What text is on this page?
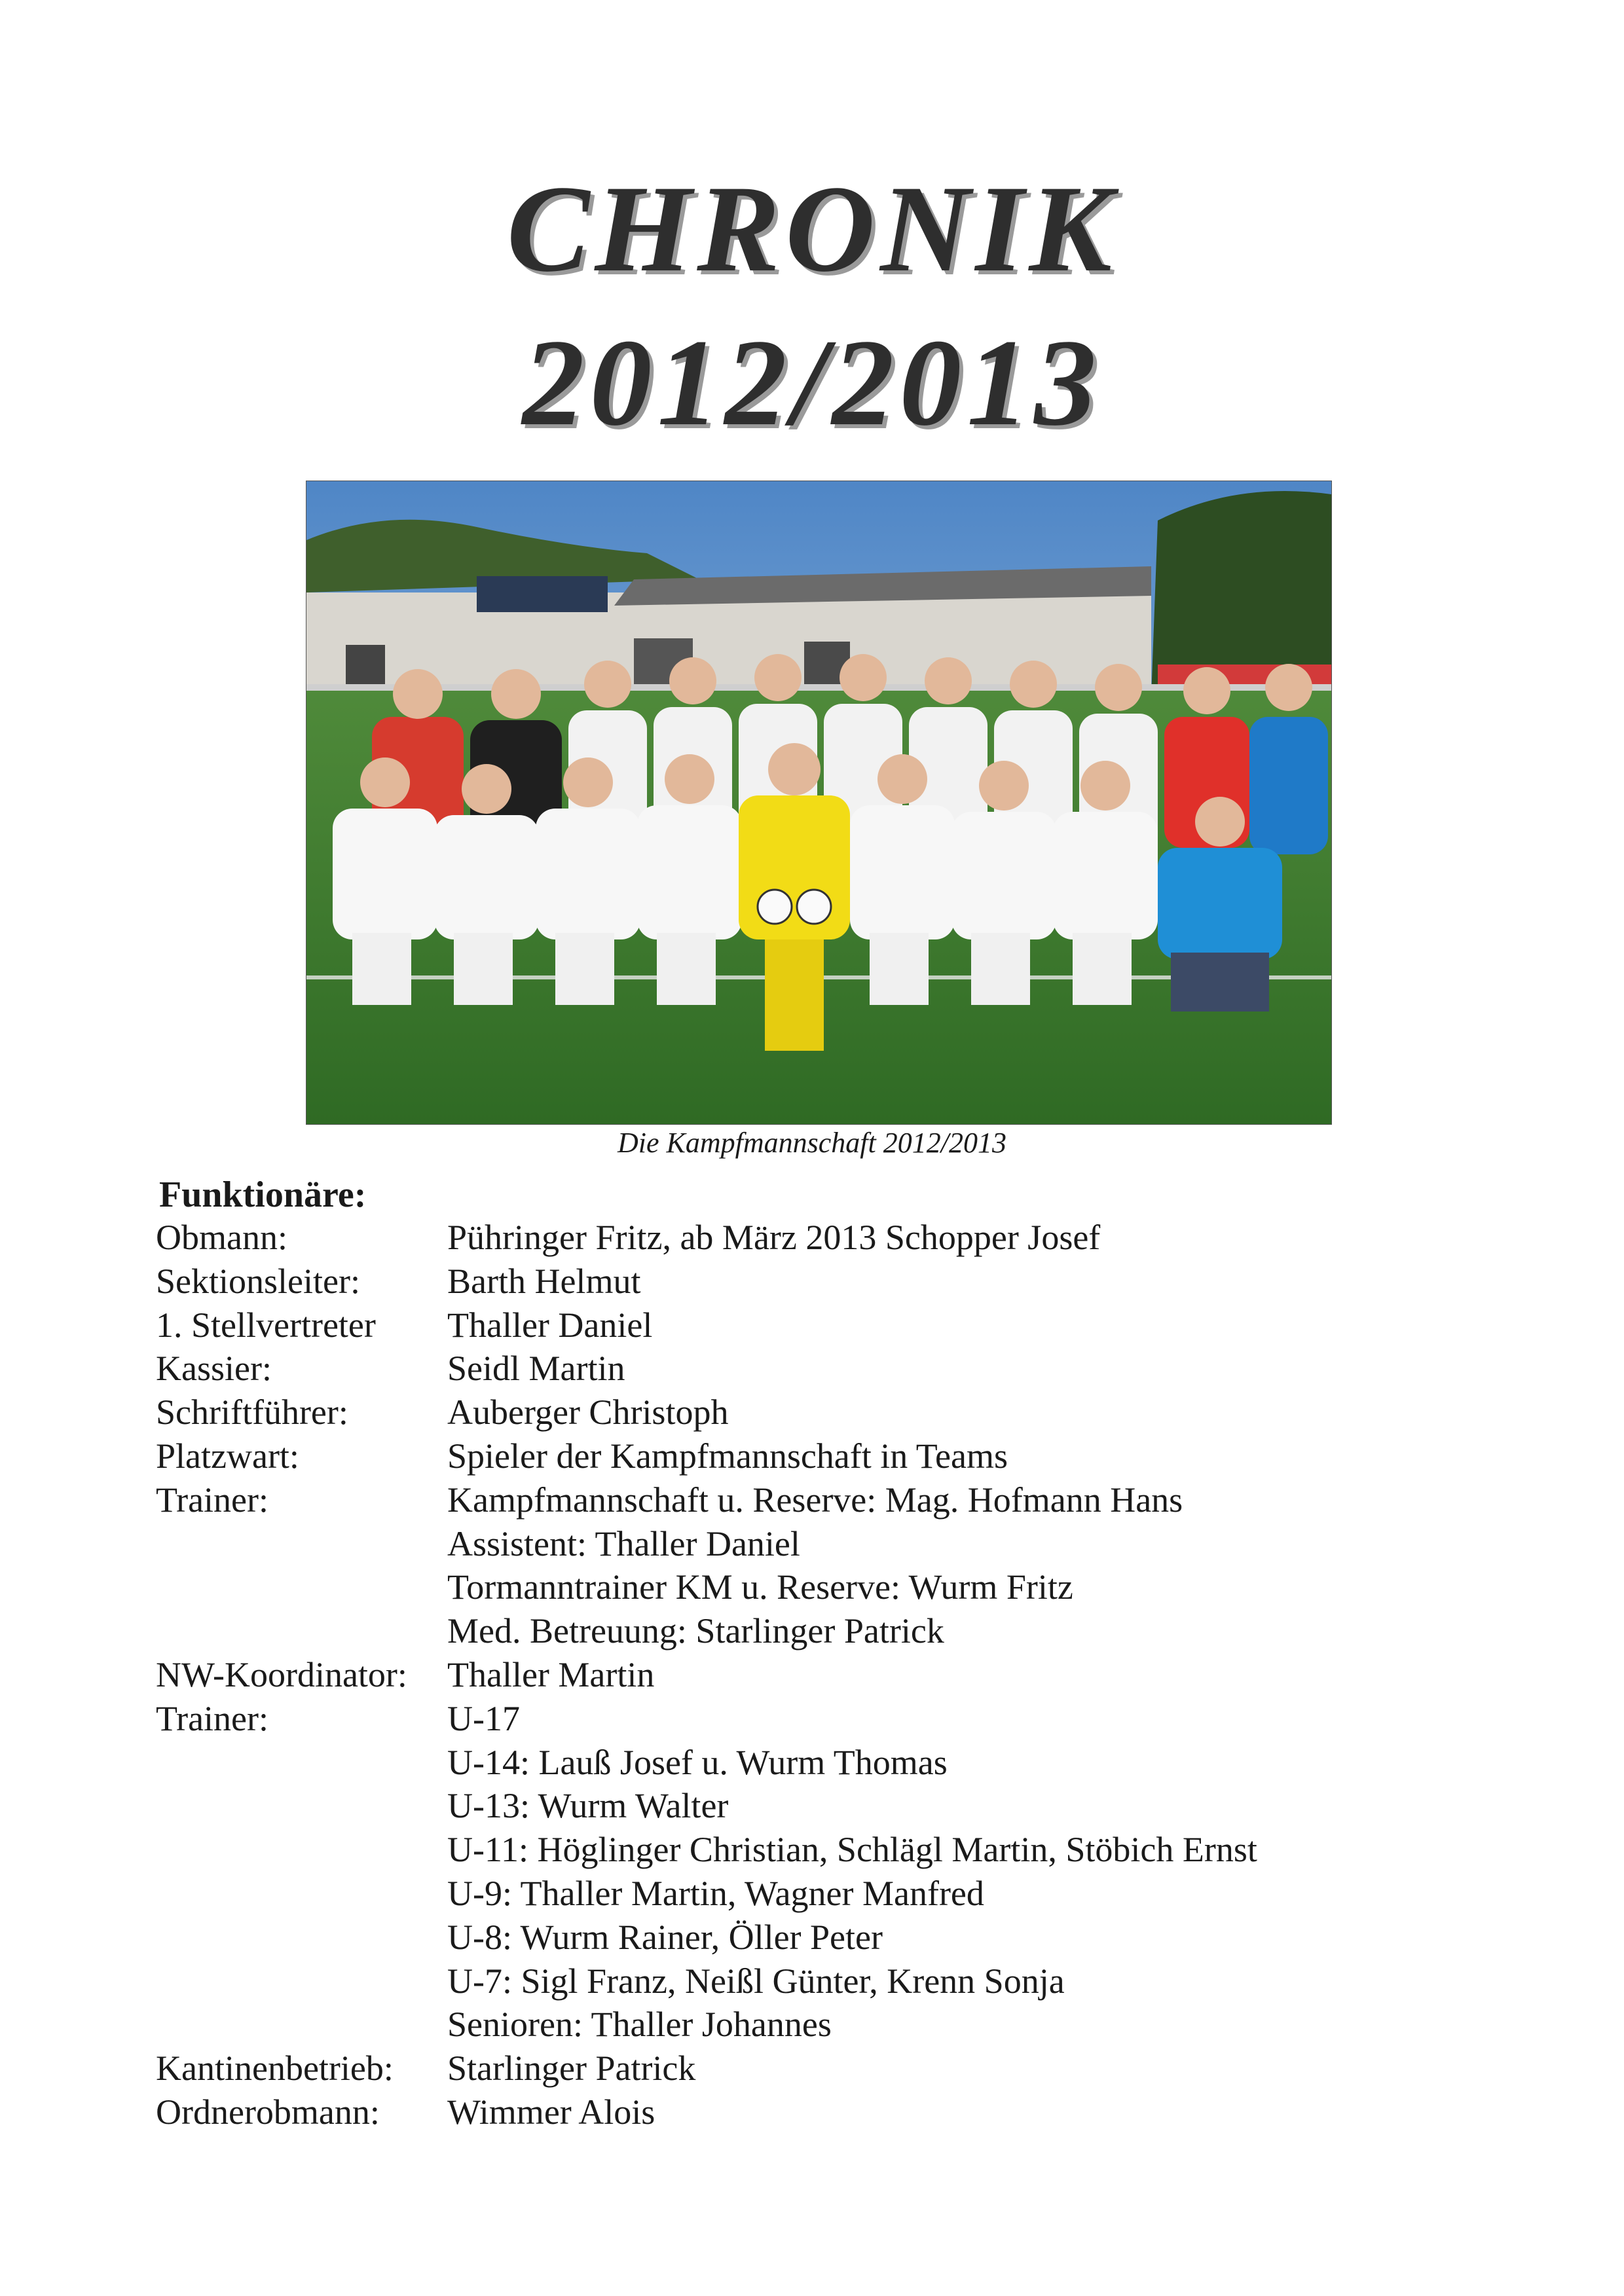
CHRONIK
2012/2013
Die Kampfmannschaft 2012/2013
Funktionäre:
Obmann:	Pühringer Fritz, ab März 2013 Schopper Josef
Sektionsleiter: Barth Helmut
1. Stellvertreter Thaller Daniel
Kassier:	Seidl Martin
Schriftführer:	Auberger Christoph
Platzwart:	Spieler der Kampfmannschaft in Teams
Trainer:	Kampfmannschaft u. Reserve: Mag. Hofmann Hans
Assistent: Thaller Daniel
Tormanntrainer KM u. Reserve: Wurm Fritz
Med. Betreuung: Starlinger Patrick
NW-Koordinator: Thaller Martin
Trainer:	U-17
U-14: Lauß Josef u. Wurm Thomas
U-13: Wurm Walter
U-11: Höglinger Christian, Schlägl Martin, Stöbich Ernst
U-9: Thaller Martin, Wagner Manfred
U-8: Wurm Rainer, Öller Peter
U-7: Sigl Franz, Neißl Günter, Krenn Sonja
Senioren: Thaller Johannes
Kantinenbetrieb: Starlinger Patrick
Ordnerobmann: Wimmer Alois
